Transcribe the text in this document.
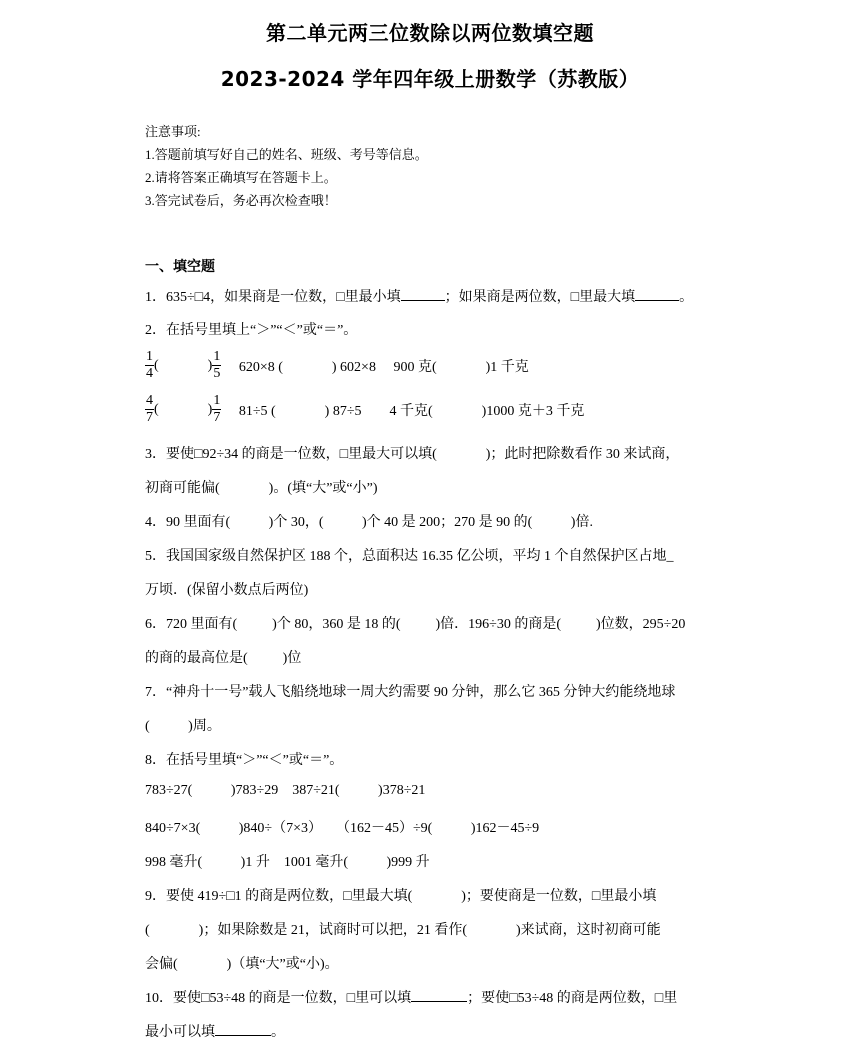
第二单元两三位数除以两位数填空题
2023-2024 学年四年级上册数学（苏教版）
注意事项:
1.答题前填写好自己的姓名、班级、考号等信息。
2.请将答案正确填写在答题卡上。
3.答完试卷后，务必再次检查哦！
一、填空题
1．635÷□4，如果商是一位数，□里最小填	；如果商是两位数，□里最大填	。
2．在括号里填上“＞”“＜”或“＝”。
$\frac{1}{4}$ (              ) $\frac{1}{5} 620\times 8$ (              ) 602×8     900 克(              )1 千克
$\frac{4}{7}$ (              ) $\frac{1}{7} 81\div 5$ (              ) 87÷5        4 千克(              )1000 克＋3 千克
3．要使□92÷34 的商是一位数，□里最大可以填(              )；此时把除数看作 30 来试商，
初商可能偏(              )。(填“大”或“小”)
4．90 里面有(           )个 30，(           )个 40 是 200；270 是 90 的(           )倍.
5．我国国家级自然保护区 188 个，总面积达 16.35 亿公顷，平均 1 个自然保护区占地_
万顷．(保留小数点后两位)
6．720 里面有(          )个 80，360 是 18 的(          )倍．196÷30 的商是(          )位数，295÷20
的商的最高位是(          )位
7．“神舟十一号”载人飞船绕地球一周大约需要 90 分钟，那么它 365 分钟大约能绕地球
(           )周。
8．在括号里填“＞”“＜”或“＝”。
783÷27(           )783÷29    387÷21(           )378÷21
840÷7×3(           )840÷（7×3）    （162－45）÷9(           )162－45÷9
998 毫升(           )1 升    1001 毫升(           )999 升
9．要使 419÷□1 的商是两位数，□里最大填(              )；要使商是一位数，□里最小填
(              )；如果除数是 21，试商时可以把，21 看作(              )来试商，这时初商可能
会偏(              )（填“大”或“小)。
10．要使□53÷48 的商是一位数，□里可以填	；要使□53÷48 的商是两位数，□里
最小可以填	。
